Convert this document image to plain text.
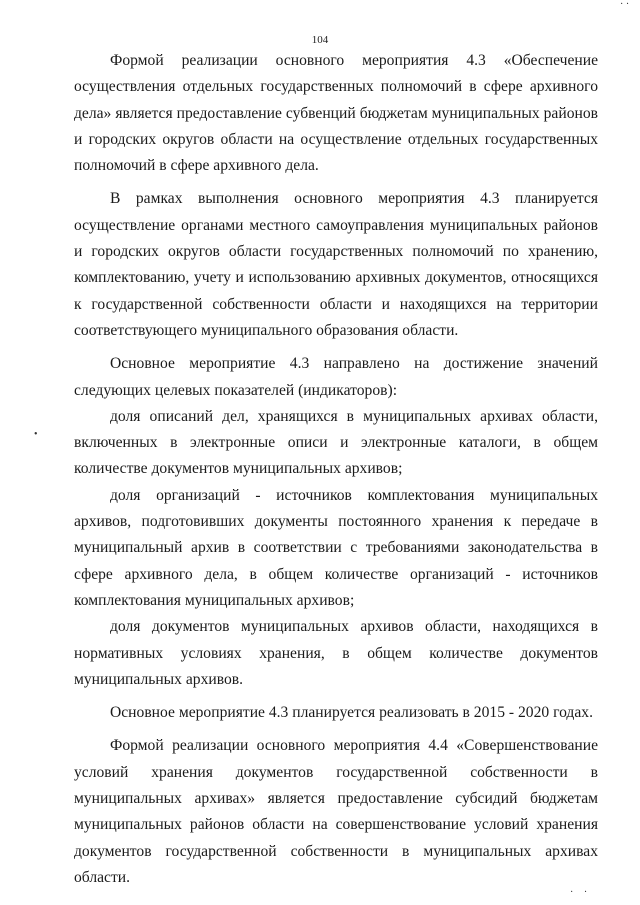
104

Формой реализации основного мероприятия 4.3 «Обеспечение осуществления отдельных государственных полномочий в сфере архивного дела» является предоставление субвенций бюджетам муниципальных районов и городских округов области на осуществление отдельных государственных полномочий в сфере архивного дела.

В рамках выполнения основного мероприятия 4.3 планируется осуществление органами местного самоуправления муниципальных районов и городских округов области государственных полномочий по хранению, комплектованию, учету и использованию архивных документов, относящихся к государственной собственности области и находящихся на территории соответствующего муниципального образования области.

Основное мероприятие 4.3 направлено на достижение значений следующих целевых показателей (индикаторов):

доля описаний дел, хранящихся в муниципальных архивах области, включенных в электронные описи и электронные каталоги, в общем количестве документов муниципальных архивов;

доля организаций - источников комплектования муниципальных архивов, подготовивших документы постоянного хранения к передаче в муниципальный архив в соответствии с требованиями законодательства в сфере архивного дела, в общем количестве организаций - источников комплектования муниципальных архивов;

доля документов муниципальных архивов области, находящихся в нормативных условиях хранения, в общем количестве документов муниципальных архивов.

Основное мероприятие 4.3 планируется реализовать в 2015 - 2020 годах.

Формой реализации основного мероприятия 4.4 «Совершенствование условий хранения документов государственной собственности в муниципальных архивах» является предоставление субсидий бюджетам муниципальных районов области на совершенствование условий хранения документов государственной собственности в муниципальных архивах области.

•
· ·
· ·
